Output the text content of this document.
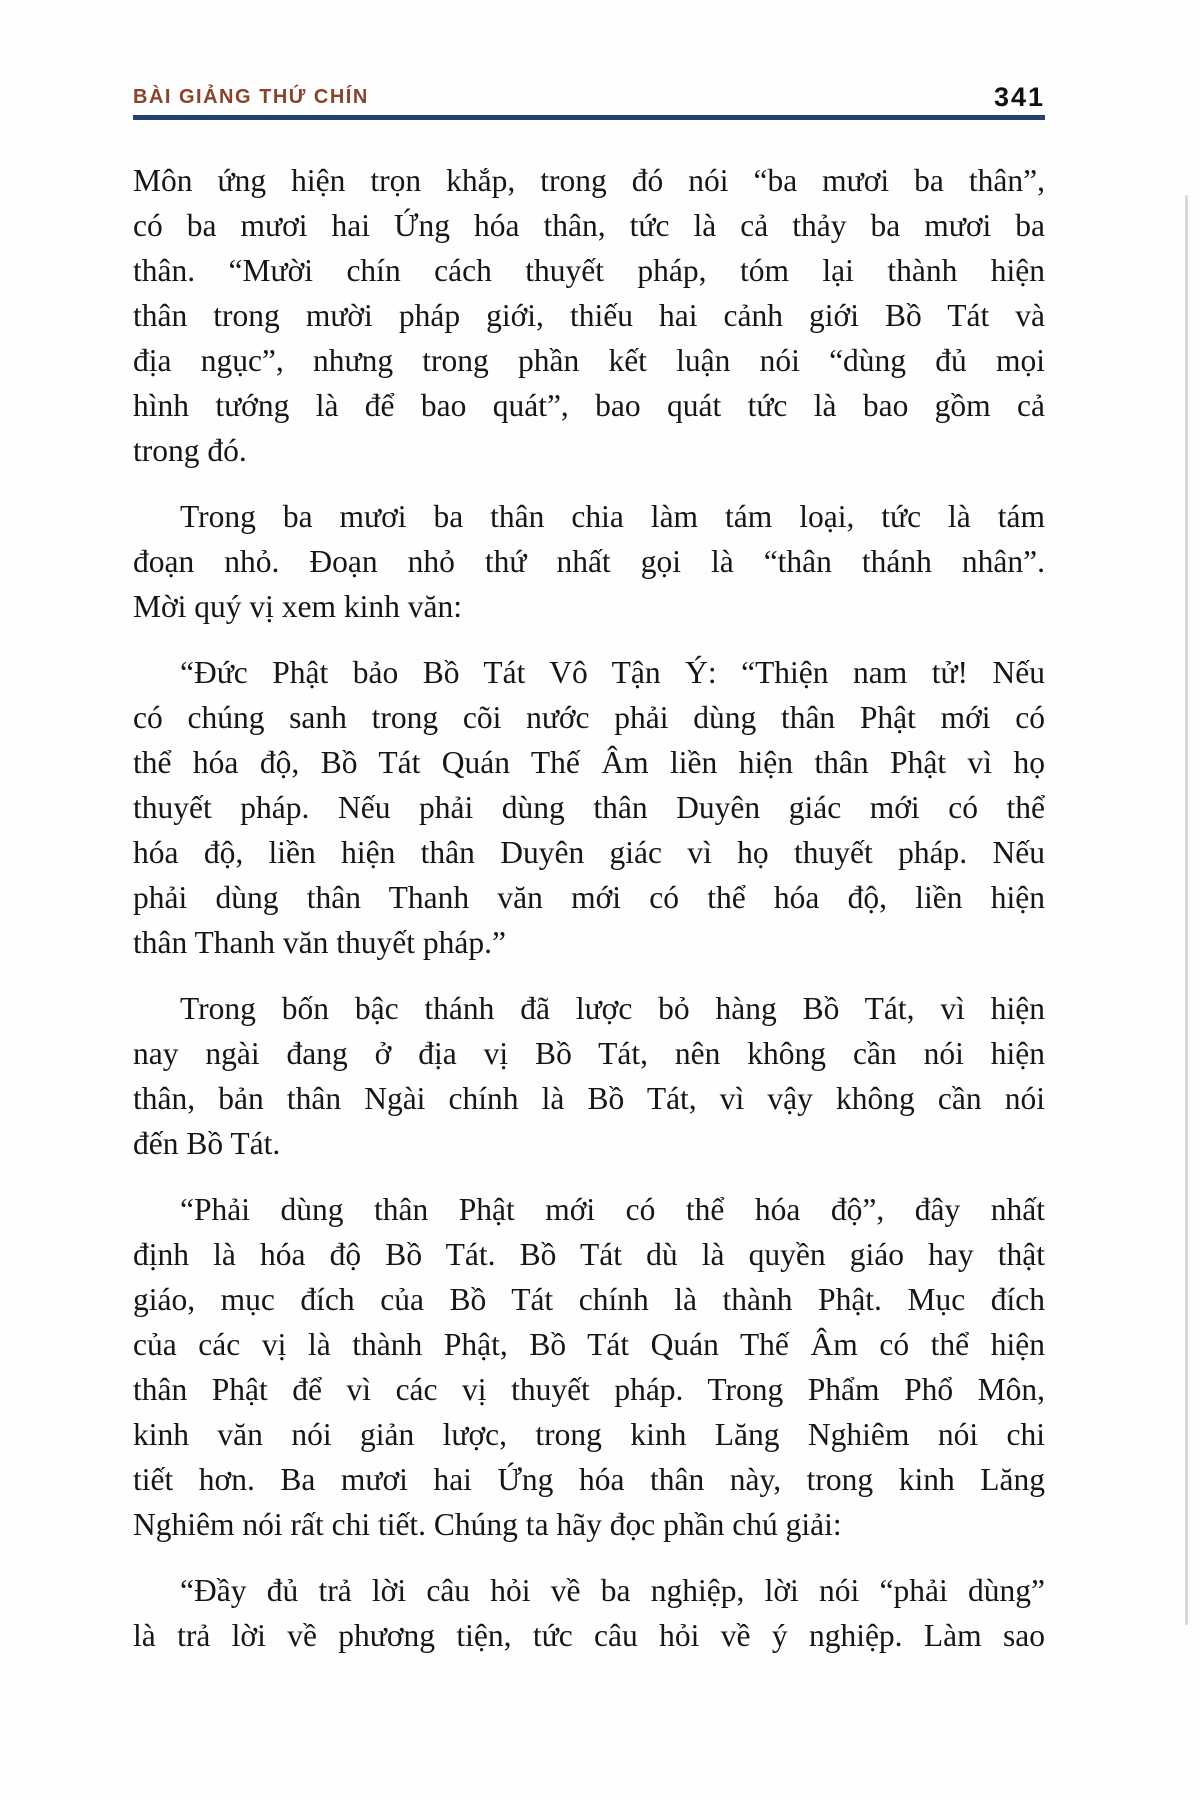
BÀI GIẢNG THỨ CHÍN	341
Môn ứng hiện trọn khắp, trong đó nói “ba mươi ba thân”,
có ba mươi hai Ứng hóa thân, tức là cả thảy ba mươi ba
thân. “Mười chín cách thuyết pháp, tóm lại thành hiện
thân trong mười pháp giới, thiếu hai cảnh giới Bồ Tát và
địa ngục”, nhưng trong phần kết luận nói “dùng đủ mọi
hình tướng là để bao quát”, bao quát tức là bao gồm cả
trong đó.
Trong ba mươi ba thân chia làm tám loại, tức là tám
đoạn nhỏ. Đoạn nhỏ thứ nhất gọi là “thân thánh nhân”.
Mời quý vị xem kinh văn:
“Đức Phật bảo Bồ Tát Vô Tận Ý: “Thiện nam tử! Nếu
có chúng sanh trong cõi nước phải dùng thân Phật mới có
thể hóa độ, Bồ Tát Quán Thế Âm liền hiện thân Phật vì họ
thuyết pháp. Nếu phải dùng thân Duyên giác mới có thể
hóa độ, liền hiện thân Duyên giác vì họ thuyết pháp. Nếu
phải dùng thân Thanh văn mới có thể hóa độ, liền hiện
thân Thanh văn thuyết pháp.”
Trong bốn bậc thánh đã lược bỏ hàng Bồ Tát, vì hiện
nay ngài đang ở địa vị Bồ Tát, nên không cần nói hiện
thân, bản thân Ngài chính là Bồ Tát, vì vậy không cần nói
đến Bồ Tát.
“Phải dùng thân Phật mới có thể hóa độ”, đây nhất
định là hóa độ Bồ Tát. Bồ Tát dù là quyền giáo hay thật
giáo, mục đích của Bồ Tát chính là thành Phật. Mục đích
của các vị là thành Phật, Bồ Tát Quán Thế Âm có thể hiện
thân Phật để vì các vị thuyết pháp. Trong Phẩm Phổ Môn,
kinh văn nói giản lược, trong kinh Lăng Nghiêm nói chi
tiết hơn. Ba mươi hai Ứng hóa thân này, trong kinh Lăng
Nghiêm nói rất chi tiết. Chúng ta hãy đọc phần chú giải:
“Đầy đủ trả lời câu hỏi về ba nghiệp, lời nói “phải dùng”
là trả lời về phương tiện, tức câu hỏi về ý nghiệp. Làm sao
